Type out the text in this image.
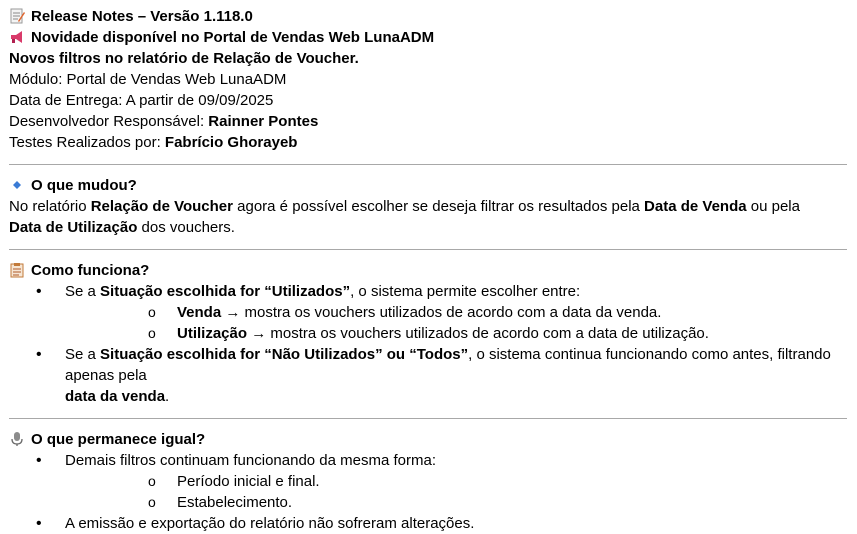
Release Notes – Versão 1.118.0
Novidade disponível no Portal de Vendas Web LunaADM
Novos filtros no relatório de Relação de Voucher.
Módulo: Portal de Vendas Web LunaADM
Data de Entrega: A partir de 09/09/2025
Desenvolvedor Responsável: Rainner Pontes
Testes Realizados por: Fabrício Ghorayeb
O que mudou?
No relatório Relação de Voucher agora é possível escolher se deseja filtrar os resultados pela Data de Venda ou pela
Data de Utilização dos vouchers.
Como funciona?
• Se a Situação escolhida for “Utilizados”, o sistema permite escolher entre:
o Venda → mostra os vouchers utilizados de acordo com a data da venda.
o Utilização → mostra os vouchers utilizados de acordo com a data de utilização.
• Se a Situação escolhida for “Não Utilizados” ou “Todos”, o sistema continua funcionando como antes, filtrando apenas pela
data da venda.
O que permanece igual?
• Demais filtros continuam funcionando da mesma forma:
o Período inicial e final.
o Estabelecimento.
• A emissão e exportação do relatório não sofreram alterações.
